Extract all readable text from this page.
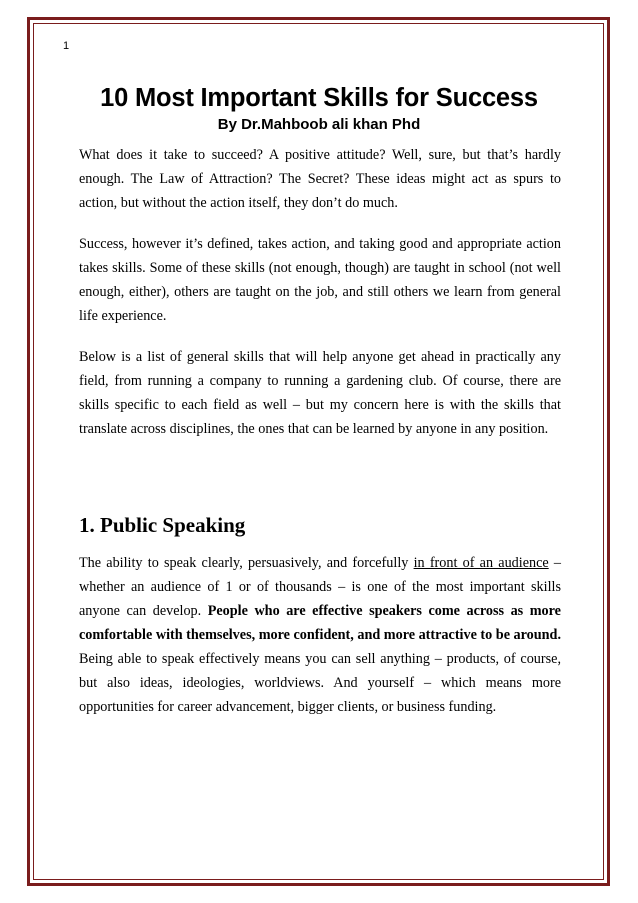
1
10 Most Important Skills for Success
By Dr.Mahboob ali khan Phd

What does it take to succeed? A positive attitude? Well, sure, but that’s hardly enough. The Law of Attraction? The Secret? These ideas might act as spurs to action, but without the action itself, they don’t do much.

Success, however it’s defined, takes action, and taking good and appropriate action takes skills. Some of these skills (not enough, though) are taught in school (not well enough, either), others are taught on the job, and still others we learn from general life experience.

Below is a list of general skills that will help anyone get ahead in practically any field, from running a company to running a gardening club. Of course, there are skills specific to each field as well – but my concern here is with the skills that translate across disciplines, the ones that can be learned by anyone in any position.

1. Public Speaking

The ability to speak clearly, persuasively, and forcefully in front of an audience – whether an audience of 1 or of thousands – is one of the most important skills anyone can develop. People who are effective speakers come across as more comfortable with themselves, more confident, and more attractive to be around. Being able to speak effectively means you can sell anything – products, of course, but also ideas, ideologies, worldviews. And yourself – which means more opportunities for career advancement, bigger clients, or business funding.
